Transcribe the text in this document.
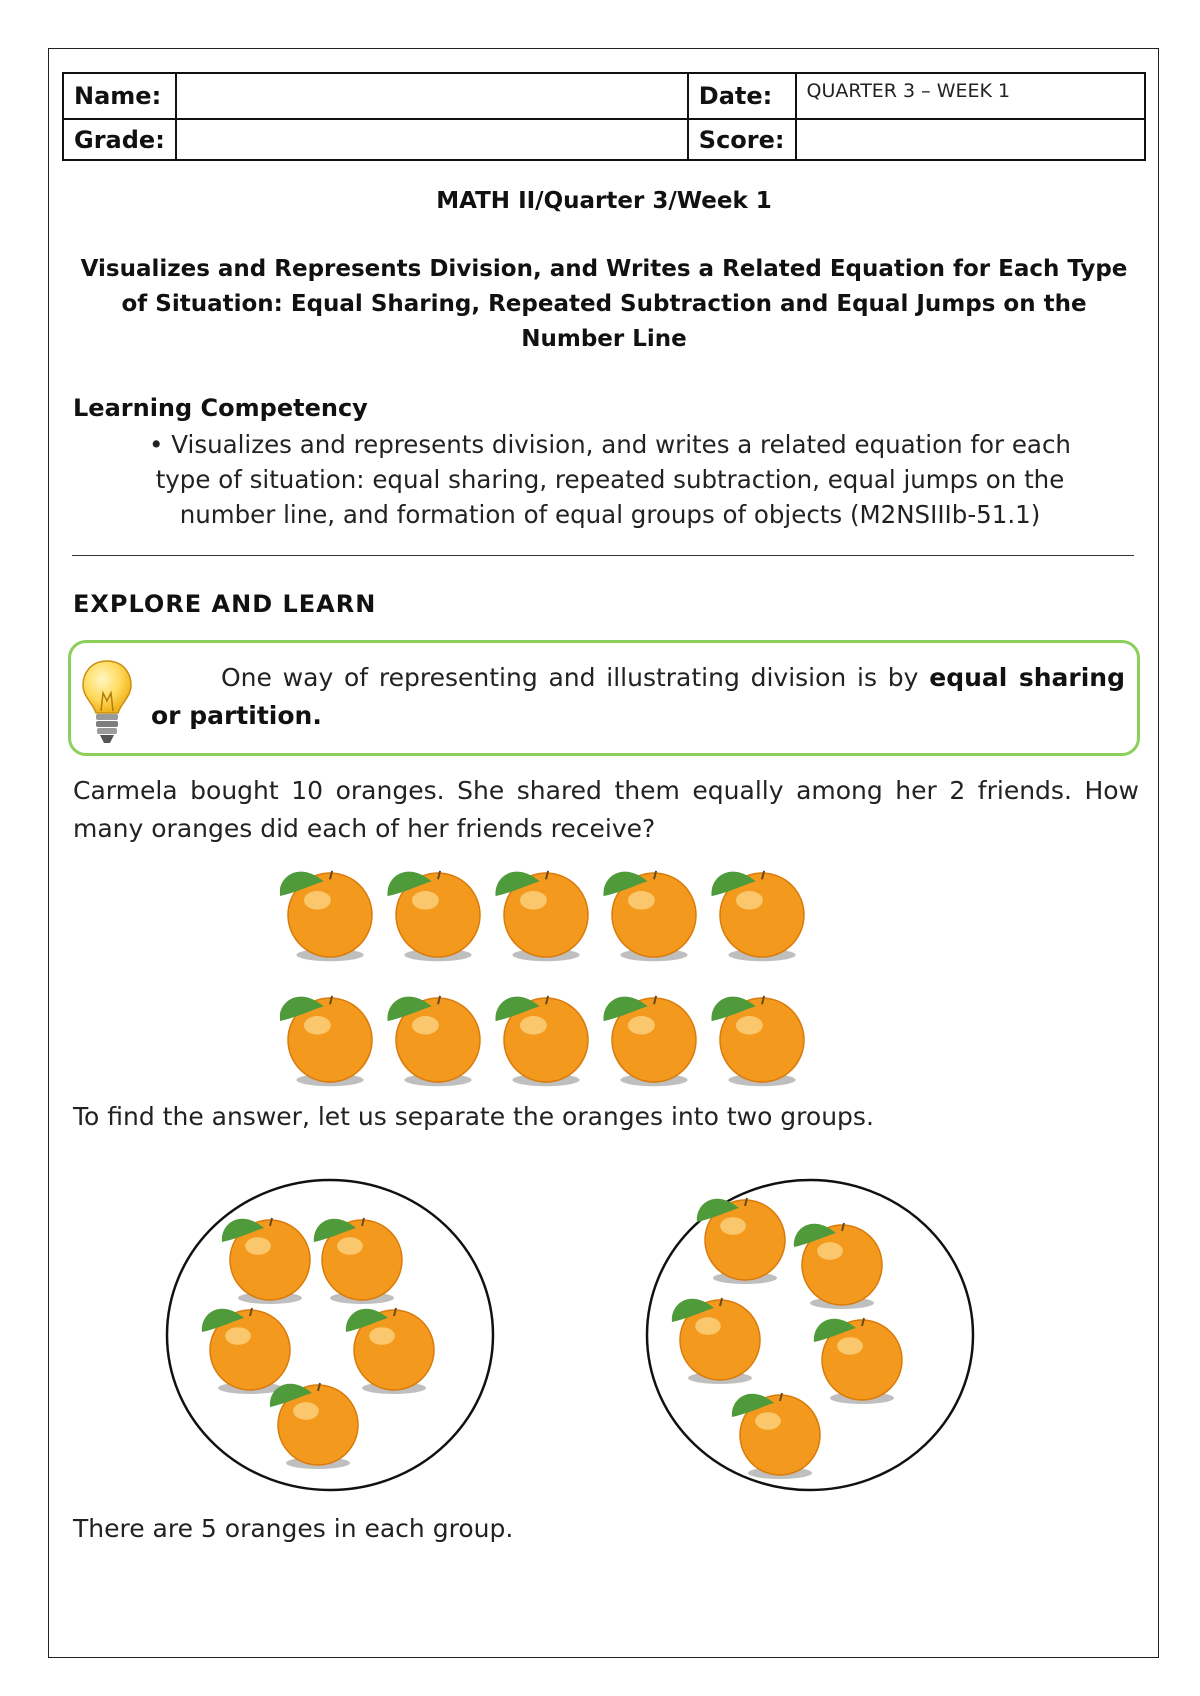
Name:		Date:	QUARTER 3 – WEEK 1
Grade:		Score:	
MATH II/Quarter 3/Week 1
Visualizes and Represents Division, and Writes a Related Equation for Each Type
of Situation: Equal Sharing, Repeated Subtraction and Equal Jumps on the
Number Line
Learning Competency
• Visualizes and represents division, and writes a related equation for each
type of situation: equal sharing, repeated subtraction, equal jumps on the
number line, and formation of equal groups of objects (M2NSIIIb-51.1)
EXPLORE AND LEARN
One way of representing and illustrating division is by equal sharing or partition.
Carmela bought 10 oranges. She shared them equally among her 2 friends. How many oranges did each of her friends receive?
To find the answer, let us separate the oranges into two groups.
There are 5 oranges in each group.
